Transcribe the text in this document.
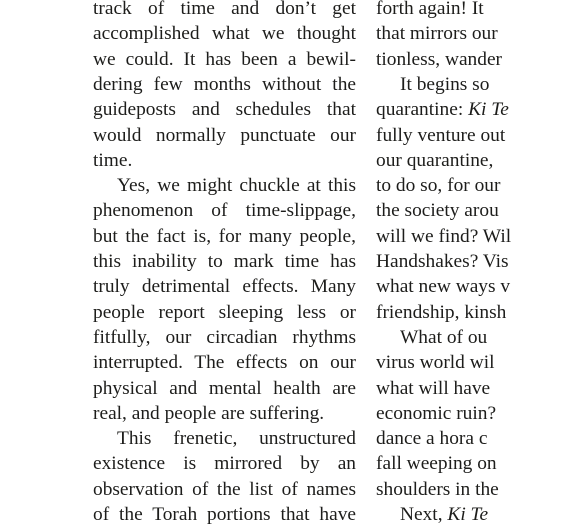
track of time and don’t get
accomplished what we thought
we could. It has been a bewil-
dering few months without the
guideposts and schedules that
would normally punctuate our
time.
Yes, we might chuckle at this
phenomenon of time-slippage,
but the fact is, for many people,
this inability to mark time has
truly detrimental effects. Many
people report sleeping less or
fitfully, our circadian rhythms
interrupted. The effects on our
physical and mental health are
real, and people are suffering.
This frenetic, unstructured
existence is mirrored by an
observation of the list of names
of the Torah portions that have
forth again! It
that mirrors our
tionless, wander
It begins so
quarantine: Ki Te
fully venture out
our quarantine,
to do so, for our
the society arou
will we find? Wil
Handshakes? Vis
what new ways v
friendship, kinsh
What of ou
virus world wil
what will have
economic ruin?
dance a hora c
fall weeping on
shoulders in the
Next, Ki Te
